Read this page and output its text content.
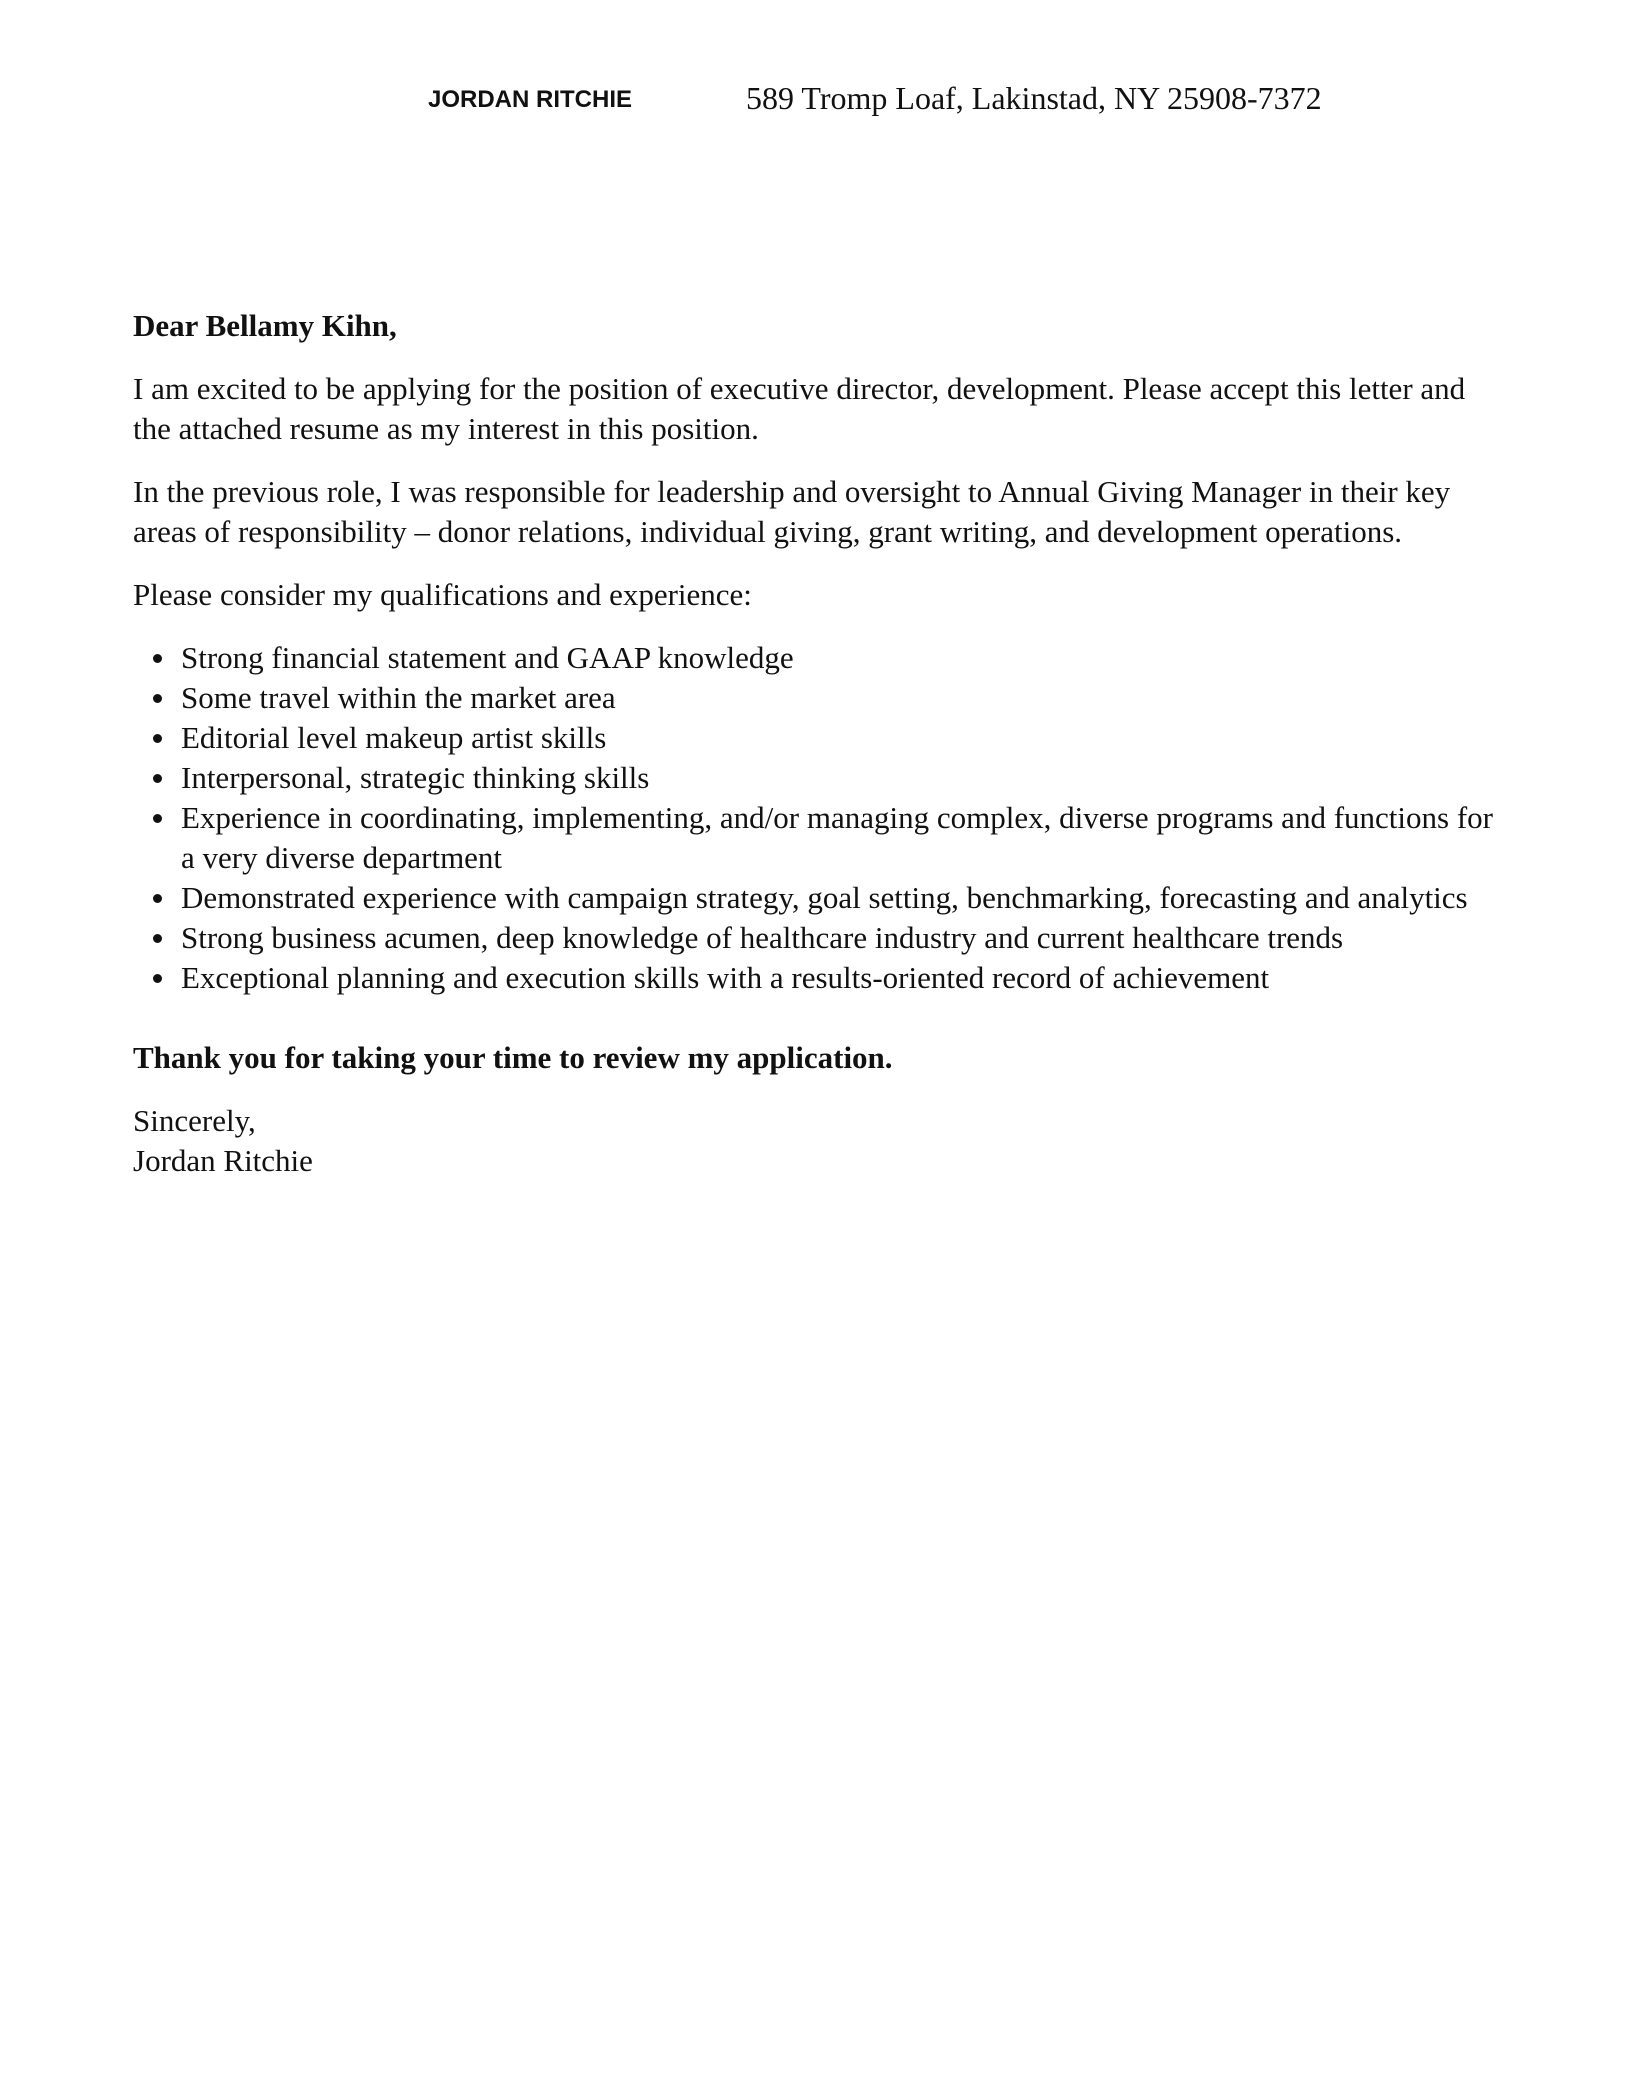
JORDAN RITCHIE	589 Tromp Loaf, Lakinstad, NY 25908-7372

Dear Bellamy Kihn,

I am excited to be applying for the position of executive director, development. Please accept this letter and the attached resume as my interest in this position.

In the previous role, I was responsible for leadership and oversight to Annual Giving Manager in their key areas of responsibility – donor relations, individual giving, grant writing, and development operations.

Please consider my qualifications and experience:

Strong financial statement and GAAP knowledge
Some travel within the market area
Editorial level makeup artist skills
Interpersonal, strategic thinking skills
Experience in coordinating, implementing, and/or managing complex, diverse programs and functions for a very diverse department
Demonstrated experience with campaign strategy, goal setting, benchmarking, forecasting and analytics
Strong business acumen, deep knowledge of healthcare industry and current healthcare trends
Exceptional planning and execution skills with a results-oriented record of achievement

Thank you for taking your time to review my application.

Sincerely,

Jordan Ritchie
